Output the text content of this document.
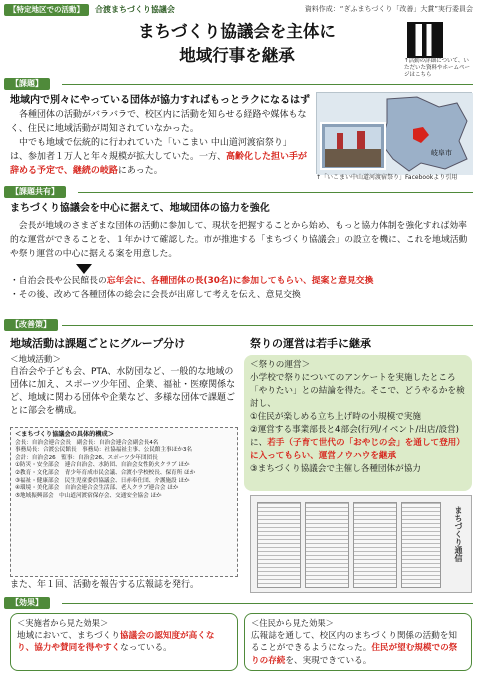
【特定地区での活動】	合渡まちづくり協議会	資料作成：“ぎふまちづくり「改善」大賞”実行委員会
まちづくり協議会を主体に
地域行事を継承	↑活動の詳細について、いただいた資料やホームページはこちら
【課題】
地域内で別々にやっている団体が協力すればもっとラクになるはず
各種団体の活動がバラバラで、校区内に活動を知らせる経路や媒体もなく、住民に地域活動が周知されていなかった。
中でも地域で伝統的に行われていた「いこまい 中山道河渡宿祭り」は、参加者１万人と年々規模が拡大していた。一方、高齢化した担い手が辞める予定で、継続の岐路にあった。
岐阜市
↑「いこまい中山道河渡宿祭り」Facebookより引用
【課題共有】
まちづくり協議会を中心に据えて、地域団体の協力を強化
会長が地域のさまざまな団体の活動に参加して、現状を把握することから始め、もっと協力体制を強化すれば効率的な運営ができることを、１年かけて確認した。市が推進する「まちづくり協議会」の設立を機に、これを地域活動や祭り運営の中心に据える案を用意した。
・自治会長や公民館長の忘年会に、各種団体の長(30名)に参加してもらい、提案と意見交換
・その後、改めて各種団体の総会に会長が出席して考えを伝え、意見交換
【改善策】
地域活動は課題ごとにグループ分け	祭りの運営は若手に継承
＜地域活動＞
自治会や子ども会、PTA、水防団など、一般的な地域の団体に加え、スポーツ少年団、企業、福祉・医療関係など、地域に関わる団体や企業など、多様な団体で課題ごとに部会を構成。
＜まちづくり協議会の具体的構成＞
会長：自治会連合会長　副会長：自治会連合会副会長4名
事務局長：合渡公民館長　事務局：社協福祉主事、公民館主事ほか3名
会計：自治会26　監事：自治会26、スポーツ少年団団長
①防災・安全部会　連合自治会、水防団、自治会女性防火クラブ ほか
②教育・文化部会　青少年育成市民会議、合渡小学校校長、保育所 ほか
③福祉・健康部会　民生児童委員協議会、日赤奉仕団、介護施設 ほか
④環境・美化部会　自治会連合会生活部、老人クラブ連合会 ほか
⑤地域振興部会　中山道河渡宿保存会、交通安全協会 ほか
また、年１回、活動を報告する広報誌を発行。
＜祭りの運営＞
小学校で祭りについてのアンケートを実施したところ「やりたい」との結論を得た。そこで、どうやるかを検討し、
①住民が楽しめる立ち上げ時の小規模で実施
②運営する事業部長と4部会(行列/イベント/出店/設営)に、若手（子育て世代の「おやじの会」を通して登用）に入ってもらい、運営ノウハウを継承
③まちづくり協議会で主催し各種団体が協力
まちづくり通信
【効果】
＜実施者から見た効果＞
地域において、まちづくり協議会の認知度が高くなり、協力や賛同を得やすくなっている。
＜住民から見た効果＞
広報誌を通して、校区内のまちづくり関係の活動を知ることができるようになった。住民が望む規模での祭りの存続を、実現できている。
